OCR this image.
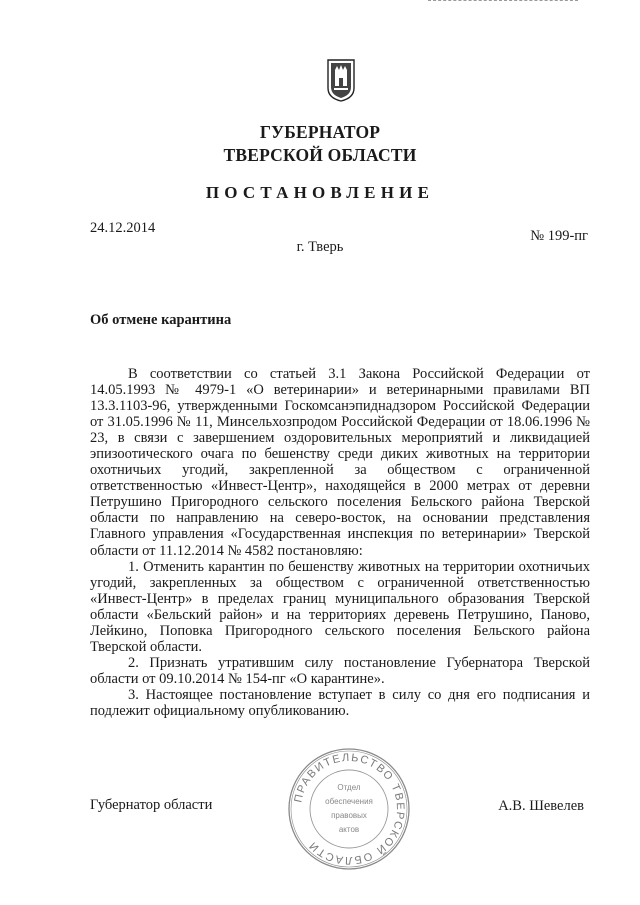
ГУБЕРНАТОР
ТВЕРСКОЙ ОБЛАСТИ
ПОСТАНОВЛЕНИЕ
24.12.2014	№ 199-пг
г. Тверь
Об отмене карантина

В соответствии со статьей 3.1 Закона Российской Федерации от 14.05.1993 № 4979-1 «О ветеринарии» и ветеринарными правилами ВП 13.3.1103-96, утвержденными Госкомсанэпиднадзором Российской Федерации от 31.05.1996 № 11, Минсельхозпродом Российской Федерации от 18.06.1996 № 23, в связи с завершением оздоровительных мероприятий и ликвидацией эпизоотического очага по бешенству среди диких животных на территории охотничьих угодий, закрепленной за обществом с ограниченной ответственностью «Инвест-Центр», находящейся в 2000 метрах от деревни Петрушино Пригородного сельского поселения Бельского района Тверской области по направлению на северо-восток, на основании представления Главного управления «Государственная инспекция по ветеринарии» Тверской области от 11.12.2014 № 4582 постановляю:

1. Отменить карантин по бешенству животных на территории охотничьих угодий, закрепленных за обществом с ограниченной ответственностью «Инвест-Центр» в пределах границ муниципального образования Тверской области «Бельский район» и на территориях деревень Петрушино, Паново, Лейкино, Поповка Пригородного сельского поселения Бельского района Тверской области.

2. Признать утратившим силу постановление Губернатора Тверской области от 09.10.2014 № 154-пг «О карантине».

3. Настоящее постановление вступает в силу со дня его подписания и подлежит официальному опубликованию.

Губернатор области	А.В. Шевелев
ПРАВИТЕЛЬСТВО ТВЕРСКОЙ ОБЛАСТИ
Отдел
обеспечения
правовых
актов
